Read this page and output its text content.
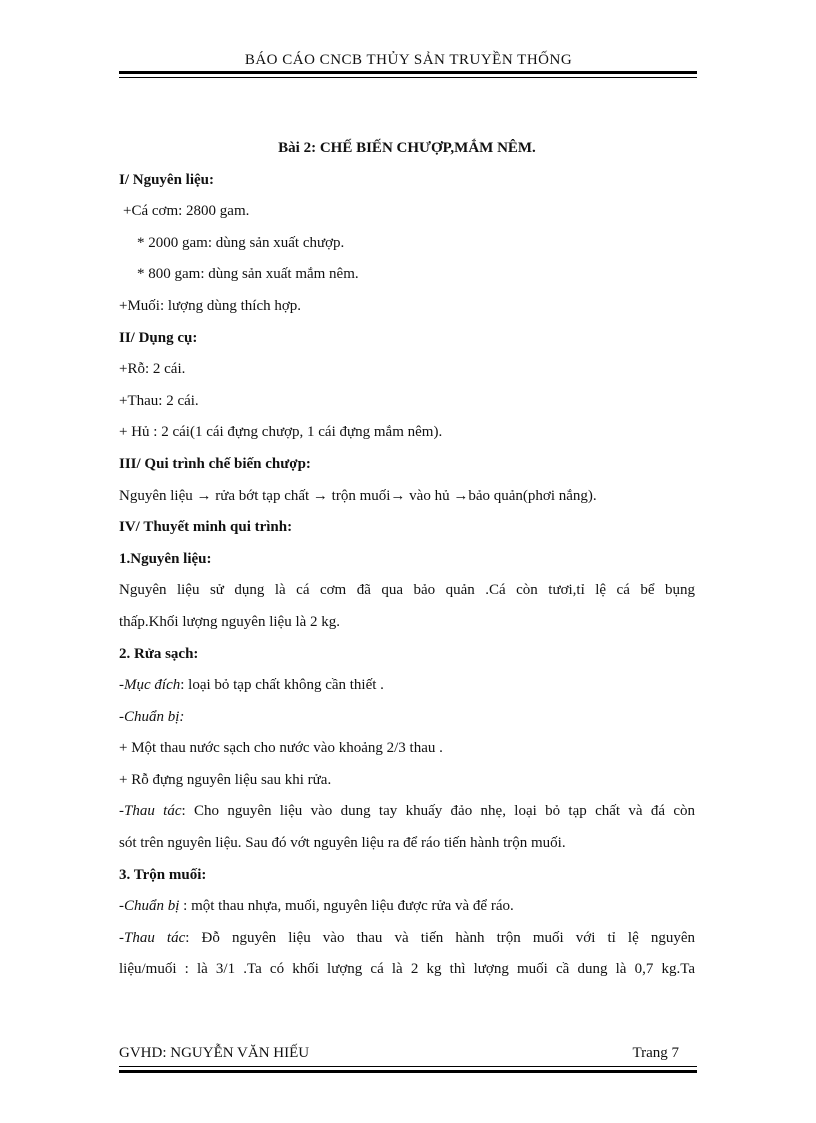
BÁO CÁO CNCB THỦY SẢN TRUYỀN THỐNG
Bài 2: CHẾ BIẾN CHƯỢP,MẮM NÊM.
I/ Nguyên liệu:
+Cá cơm: 2800 gam.
* 2000 gam: dùng sản xuất chượp.
* 800 gam: dùng sản xuất mắm nêm.
+Muối: lượng dùng thích hợp.
II/ Dụng cụ:
+Rỗ: 2 cái.
+Thau: 2 cái.
+ Hủ : 2 cái(1 cái đựng chượp, 1 cái đựng mắm nêm).
III/ Qui trình chế biến chượp:
Nguyên liệu → rửa bớt tạp chất → trộn muối→ vào hủ →bảo quản(phơi nắng).
IV/ Thuyết minh qui trình:
1.Nguyên liệu:
Nguyên liệu sử dụng là cá cơm đã qua bảo quản .Cá còn tươi,tỉ lệ cá bể bụng
thấp.Khối lượng nguyên liệu là 2 kg.
2. Rửa sạch:
-Mục đích: loại bỏ tạp chất không cần thiết .
-Chuẩn bị:
+ Một thau nước sạch cho nước vào khoảng 2/3 thau .
+ Rỗ đựng nguyên liệu sau khi rửa.
-Thau tác: Cho nguyên liệu vào dung tay khuấy đảo nhẹ, loại bỏ tạp chất và đá còn
sót trên nguyên liệu. Sau đó vớt nguyên liệu ra để ráo tiến hành trộn muối.
3. Trộn muối:
-Chuẩn bị : một thau nhựa, muối, nguyên liệu được rửa và để ráo.
-Thau tác: Đỗ nguyên liệu vào thau và tiến hành trộn muối với tỉ lệ nguyên
liệu/muối : là 3/1 .Ta có khối lượng cá là 2 kg thì lượng muối cầ dung là 0,7 kg.Ta
GVHD: NGUYỄN VĂN HIẾU	Trang 7
